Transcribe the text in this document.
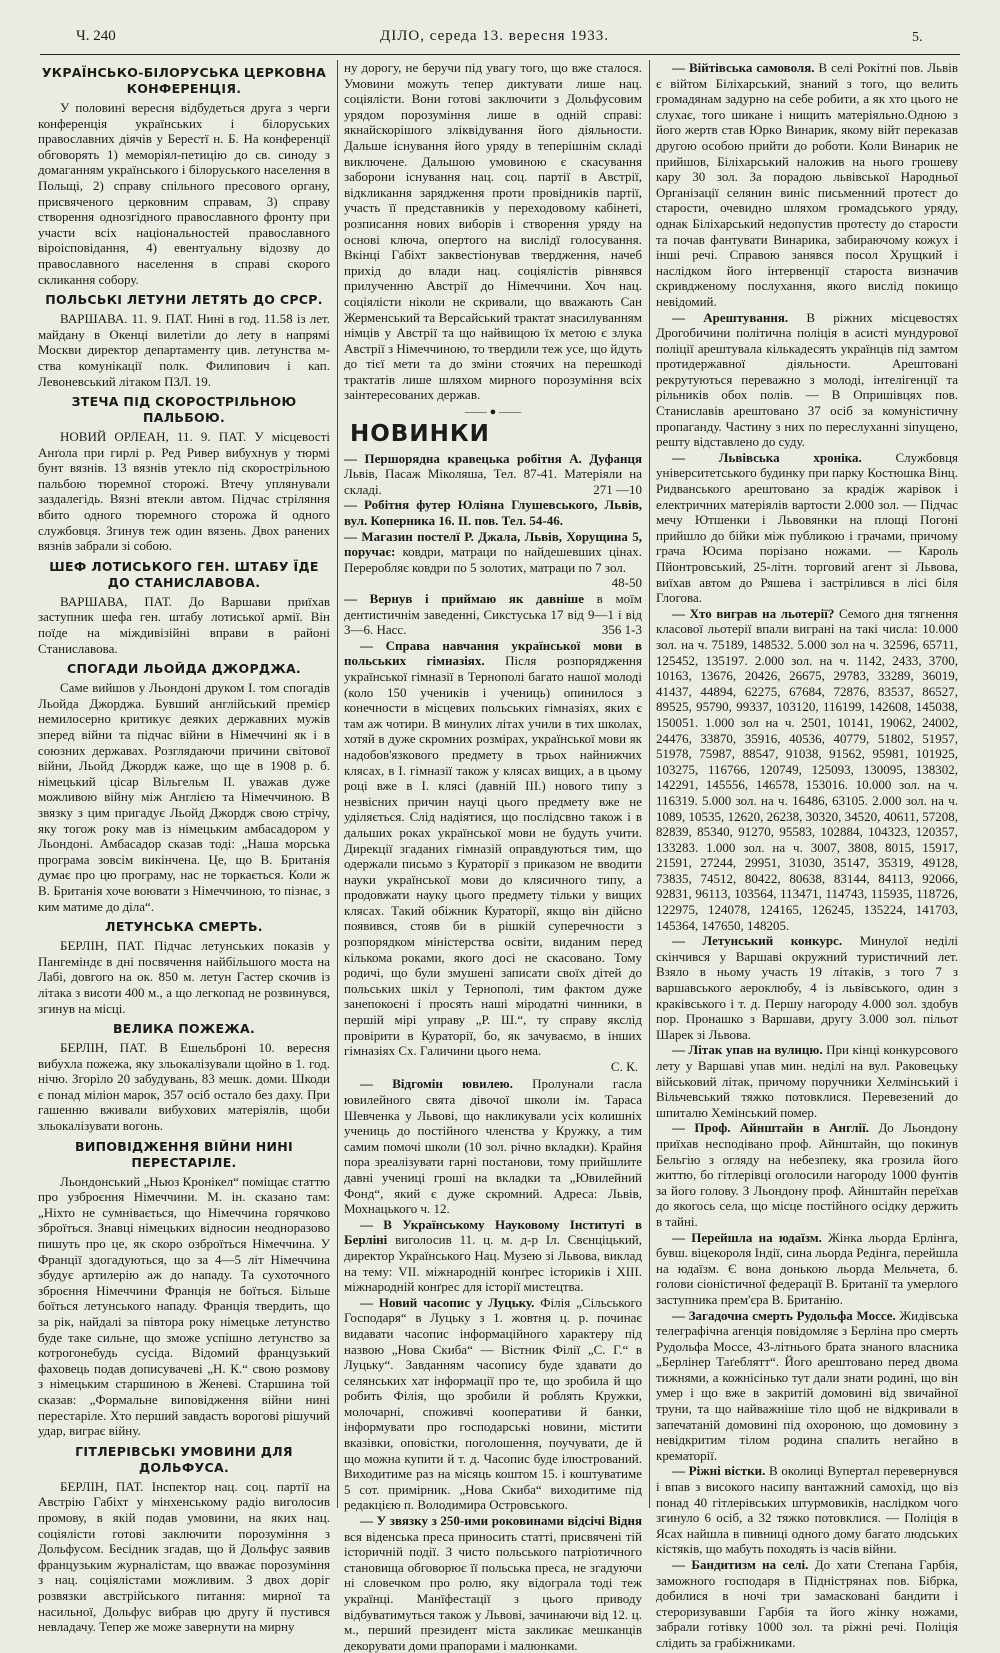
Ч. 240	ДІЛО, середа 13. вересня 1933.	5.
УКРАЇНСЬКО-БІЛОРУСЬКА ЦЕРКОВНА КОНФЕРЕНЦІЯ.

У половині вересня відбудеться друга з черги конференція українських і білоруських православних діячів у Берестї н. Б. На конференції обговорять 1) меморіял-петицію до св. синоду з домаганням українського і білоруського населення в Польщі, 2) справу спільного пресового органу, присвяченого церковним справам, 3) справу створення однозгідного православного фронту при участи всіх національностей православного віроісповідання, 4) евентуальну відозву до православного населення в справі скорого скликання собору.

ПОЛЬСЬКІ ЛЕТУНИ ЛЕТЯТЬ ДО СРСР.

ВАРШАВА. 11. 9. ПАТ. Нині в год. 11.58 із лет. майдану в Окенці вилетіли до лету в напрямі Москви директор департаменту цив. летунства м-ства комунікації полк. Филипович і кап. Левоневський літаком ПЗЛ. 19.

ЗТЕЧА ПІД СКОРОСТРІЛЬНОЮ ПАЛЬБОЮ.

НОВИЙ ОРЛЕАН, 11. 9. ПАТ. У місцевості Анґола при гирлі р. Ред Ривер вибухнув у тюрмі бунт вязнів. 13 вязнів утекло під скорострільною пальбою тюремної сторожі. Втечу уплянували заздалегідь. Вязні втекли автом. Підчас стріляння вбито одного тюремного сторожа й одного службовця. Згинув теж один вязень. Двох ранених вязнів забрали зі собою.

ШЕФ ЛОТИСЬКОГО ГЕН. ШТАБУ ЇДЕ ДО СТАНИСЛАВОВА.

ВАРШАВА, ПАТ. До Варшави приїхав заступник шефа ген. штабу лотиської армії. Він поїде на міждивізійні вправи в районі Станиславова.

СПОГАДИ ЛЬОЙДА ДЖОРДЖА.

Саме вийшов у Льондоні друком I. том спогадів Льойда Джорджа. Бувший англійський премієр немилосерно критикує деяких державних мужів зперед війни та підчас війни в Німеччині як і в союзних державах. Розглядаючи причини світової війни, Льойд Джордж каже, що ще в 1908 р. б. німецький цісар Вільгельм II. уважав дуже можливою війну між Англією та Німеччиною. В звязку з цим пригадує Льойд Джордж свою стрічу, яку тогож року мав із німецьким амбасадором у Льондоні. Амбасадор сказав тоді: „Наша морська програма зовсім викінчена. Це, що В. Британія думає про цю програму, нас не торкається. Коли ж В. Британія хоче воювати з Німеччиною, то пізнає, з ким матиме до діла“.

ЛЕТУНСЬКА СМЕРТЬ.

БЕРЛІН, ПАТ. Підчас летунських показів у Пангеміндє в дні посвячення найбільшого моста на Лабі, довгого на ок. 850 м. летун Гастер скочив із літака з висоти 400 м., а що легкопад не розвинувся, згинув на місці.

ВЕЛИКА ПОЖЕЖА.

БЕРЛІН, ПАТ. В Ешельброні 10. вересня вибухла пожежа, яку зльокалізували щойно в 1. год. нічю. Згоріло 20 забудувань, 83 мешк. доми. Шкоди є понад міліон марок, 357 осіб остало без даху. При гашенню вживали вибухових матеріялів, щоби зльокалізувати вогонь.

ВИПОВІДЖЕННЯ ВІЙНИ НИНІ ПЕРЕСТАРІЛЕ.

Льондонський „Ньюз Кронікел“ поміщає статтю про узброєння Німеччини. М. ін. сказано там: „Ніхто не сумнівається, що Німеччина горячково зброїться. Знавці німецьких відносин неодноразово пишуть про це, як скоро озброїться Німеччина. У Франції здогадуються, що за 4—5 літ Німеччина збудує артилерію аж до нападу. Та сухоточного зброєння Німеччини Франція не боїться. Більше боїться летунського нападу. Франція твердить, що за рік, найдалі за півтора року німецьке летунство буде таке сильне, що зможе успішно летунство за котрогонебудь сусіда. Відомий французький фаховець подав дописувачеві „Н. К.“ свою розмову з німецьким старшиною в Женеві. Старшина той сказав: „Формальне виповідження війни нині перестаріле. Хто перший завдасть ворогові рішучий удар, виграє війну.

ГІТЛЕРІВСЬКІ УМОВИНИ ДЛЯ ДОЛЬФУСА.

БЕРЛІН, ПАТ. Інспектор нац. соц. партії на Австрію Габіхт у мінхенському радіо виголосив промову, в якій подав умовини, на яких нац. соціялісти готові заключити порозуміння з Дольфусом. Бесідник згадав, що й Дольфус заявив французьким журналістам, що вважає порозуміння з нац. соціялістами можливим. З двох доріг розвязки австрійського питання: мирної та насильної, Дольфус вибрав цю другу й пустився невладачу. Тепер же може завернути на мирну

ну дорогу, не беручи під увагу того, що вже сталося. Умовини можуть тепер диктувати лише нац. соціялісти. Вони готові заключити з Дольфусовим урядом порозуміння лише в одній справі: якнайскорішого зліквідування його діяльности. Дальше існування його уряду в теперішнім складі виключене. Дальшою умовиною є скасування заборони існування нац. соц. партії в Австрії, відкликання зарядження проти провідників партії, участь її представників у переходовому кабінеті, розписання нових виборів і створення уряду на основі ключа, опертого на вислідї голосування. Вкінці Габіхт заквестіонував твердження, начеб прихід до влади нац. соціялістів рівнявся прилученню Австрії до Німеччини. Хоч нац. соціялісти ніколи не скривали, що вважають Сан Жерменський та Версайський трактат знасилуванням німців у Австрії та що найвищою їх метою є злука Австрії з Німеччиною, то твердили теж усе, що йдуть до тієї мети та до зміни стоячих на перешкоді трактатів лише шляхом мирного порозуміння всіх заінтересованих держав.

—— ● ——
НОВИНКИ

— Першорядна кравецька робітня А. Дуфанця Львів, Пасаж Міколяша, Тел. 87-41. Матеріяли на складі.	271 —10

— Робітня футер Юліяна Глушевського, Львів, вул. Коперника 16. II. пов. Тел. 54-46.

— Магазин постелї Р. Джала, Львів, Хорущина 5, поручає: ковдри, матраци по найдешевших цінах. Переробляє ковдри по 5 золотих, матраци по 7 зол.
48-50

— Вернув і приймаю як давніше в моїм дентистичнім заведенні, Сикстуська 17 від 9—1 і від 3—6. Насс.	356 1-3

— Справа навчання української мови в польських гімназіях. Після розпорядження української гімназії в Тернополі багато нашої молоді (коло 150 учеників і учениць) опинилося з конечности в місцевих польських гімназіях, яких є там аж чотири. В минулих літах учили в тих школах, хотяй в дуже скромних розмірах, української мови як надобов'язкового предмету в трьох найнижчих клясах, в I. гімназії також у клясах вищих, а в цьому році вже в I. клясі (давній III.) нового типу з незвісних причин науці цього предмету вже не уділяється. Слід надіятися, що послідсвно також і в дальших роках української мови не будуть учити. Дирекції згаданих гімназій оправдуються тим, що одержали письмо з Кураторії з приказом не вводити науки української мови до клясичного типу, а продовжати науку цього предмету тільки у вищих клясах. Такий обіжник Кураторії, якщо він дійсно появився, стояв би в рішкій суперечности з розпорядком міністерства освіти, виданим перед кількома роками, якого досі не скасовано. Тому родичі, що були змушені записати своїх дітей до польських шкіл у Тернополі, тим фактом дуже занепокоєні і просять наші міродатні чинники, в першій мірі управу „Р. Ш.“, ту справу якслід провірити в Кураторії, бо, як зачуваємо, в інших гімназіях Сх. Галичини цього нема.

С. К.

— Відгомін ювилею. Пролунали гасла ювилейного свята дівочої школи ім. Тараса Шевченка у Львові, що накликували усіх колишніх учениць до постійного членства у Кружку, а тим самим помочі школи (10 зол. річно вкладки). Крайня пора зреалізувати гарні постанови, тому прийшлите давні учениці гроші на вкладки та „Ювилейний Фонд“, який є дуже скромний. Адреса: Львів, Мохнацького ч. 12.

— В Українському Науковому Інституті в Берліні виголосив 11. ц. м. д-р Іл. Свєнціцький, директор Українського Нац. Музею зі Львова, виклад на тему: VII. міжнародній конґрес істориків і XIII. міжнародній конґрес для історії мистецтва.

— Новий часопис у Луцьку. Філія „Сільського Господаря“ в Луцьку з 1. жовтня ц. р. починає видавати часопис інформаційного характеру під назвою „Нова Скиба“ — Вістник Філії „С. Г.“ в Луцьку“. Завданням часопису буде здавати до селянських хат інформації про те, що зробила й що робить Філія, що зробили й роблять Кружки, молочарні, споживчі кооперативи й банки, інформувати про господарські новини, містити вказівки, оповістки, поголошення, поучувати, де й що можна купити й т. д. Часопис буде ілюстрований. Виходитиме раз на місяць коштом 15. і коштуватиме 5 сот. примірник. „Нова Скиба“ виходитиме під редакцією п. Володимира Островського.

— У звязку з 250-ими роковинами відсічі Відня вся віденська преса приносить статті, присвячені тій історичній події. З чисто польського патріотичного становища обговорює її польська преса, не згадуючи ні словечком про ролю, яку відограла тоді теж українці. Манїфестації з цього приводу відбуватимуться також у Львові, зачинаючи від 12. ц. м., перший президент міста закликає мешканців декорувати доми прапорами і малюнками.

— Війтівська самоволя. В селі Рокітні пов. Львів є війтом Біліхарський, знаний з того, що велить громадянам задурно на себе робити, а як хто цього не слухає, того шикане і нищить матеріяльно.Одною з його жертв став Юркo Винарик, якому війт переказав другою особою прийти до роботи. Коли Винарик не прийшов, Біліхарський наложив на нього грошеву кару 30 зол. За порадою львівської Народньої Організації селянин виніс письменний протест до старости, очевидно шляхом громадського уряду, однак Біліхарський недопустив протесту до старости та почав фантувати Винарика, забираючому кожух і інші речі. Справою занявся посол Хрущкий і наслідком його інтервенції староста визначив скривдженому послухання, якого вислід покищо невідомий.

— Арештування. В ріжних місцевостях Дрогобичини політична поліція в асисті мундурової поліції арештувала кількадесять українців під замтом протидержавної діяльности. Арештовані рекрутуються переважно з молоді, інтелігенції та рільників обох полів. — В Опришівцях пов. Станиславів арештовано 37 осіб за комуністичну пропаганду. Частину з них по переслуханні зіпущено, решту відставлено до суду.

— Львівська хроніка.	Службовця університетського будинку при парку Костюшка Вінц. Ридванського арештовано за крадіж жарівок і електричних матеріялів вартости 2.000 зол. — Підчас мечу Ютшенки і Львовянки на площі Погоні прийшло до бійки між публикою і грачами, причому грача Юсима порізано ножами. — Кароль Пйонтровський, 25-літн. торговий агент зі Львова, виїхав автом до Ряшева і застрілився в лісі біля Глогова.

— Хто виграв на льотерії? Семого дня тягнення класової льотерії впали виграні на такі числа: 10.000 зол. на ч. 75189, 148532. 5.000 зол на ч. 32596, 65711, 125452, 135197. 2.000 зол. на ч. 1142, 2433, 3700, 10163, 13676, 20426, 26675, 29783, 33289, 36019, 41437, 44894, 62275, 67684, 72876, 83537, 86527, 89525, 95790, 99337, 103120, 116199, 142608, 145038, 150051. 1.000 зол на ч. 2501, 10141, 19062, 24002, 24476, 33870, 35916, 40536, 40779, 51802, 51957, 51978, 75987, 88547, 91038, 91562, 95981, 101925, 103275, 116766, 120749, 125093, 130095, 138302, 142291, 145556, 146578, 153016. 10.000 зол. на ч. 116319. 5.000 зол. на ч. 16486, 63105. 2.000 зол. на ч. 1089, 10535, 12620, 26238, 30320, 34520, 40611, 57208, 82839, 85340, 91270, 95583, 102884, 104323, 120357, 133283. 1.000 зол. на ч. 3007, 3808, 8015, 15917, 21591, 27244, 29951, 31030, 35147, 35319, 49128, 73835, 74512, 80422, 80638, 83144, 84113, 92066, 92831, 96113, 103564, 113471, 114743, 115935, 118726, 122975, 124078, 124165, 126245, 135224, 141703, 145364, 147650, 148205.

— Летунський конкурс. Минулої неділі скінчився у Варшаві окружний туристичний лет. Взяло в ньому участь 19 літаків, з того 7 з варшавського аероклюбу, 4 із львівського, один з краківського і т. д. Першу нагороду 4.000 зол. здобув пор. Пронашко з Варшави, другу 3.000 зол. пільот Шарек зі Львова.

— Літак упав на вулицю. При кінці конкурсового лету у Варшаві упав мин. неділі на вул. Раковецьку військовий літак, причому поручники Хелмінський і Вільчевський тяжко потовклися. Перевезений до шпиталю Хемінський помер.

— Проф. Айнштайн в Англії. До Льондону приїхав несподівано проф. Айнштайн, що покинув Бельгію з огляду на небезпеку, яка грозила його життю, бо гітлерівці оголосили нагороду 1000 фунтів за його голову. З Льондону проф. Айнштайн переїхав до якогось села, що місце постійного осідку держить в тайні.

— Перейшла на юдаїзм. Жінка льорда Ерлінга, бувш. віцекороля Індії, сина льорда Редінга, перейшла на юдаїзм. Є вона донькою льорда Мельчета, б. голови сіоністичної федерації В. Британії та умерлого заступника прем'єра В. Британію.

— Загадочна смерть Рудольфа Моссе. Жидівська телеграфічна агенція повідомляє з Берліна про смерть Рудольфа Моссе, 43-літнього брата знаного власника „Берлінер Таґеблятт“. Його арештовано перед двома тижнями, а кожнісінько тут дали знати родині, що він умер і що вже в закритій домовині від звичайної труни, та що найважніше тіло щоб не відкривали в запечатаній домовині під охороною, що домовину з невідкритим тілом родина спалить негайно в крематорії.

— Ріжні вістки. В околиці Вупертал перевернувся і впав з високого насипу вантажний самохід, що віз понад 40 гітлерівських штурмовиків, наслідком чого згинуло 6 осіб, а 32 тяжко потовклися. — Поліція в Ясах найшла в пивниці одного дому багато людських кістяків, що мабуть походять із часів війни.

— Бандитизм на селі. До хати Степана Гарбія, заможного господаря в Підністрянах пов. Бібрка, добилися в ночі три замасковані бандити і стероризувавши Гарбія та його жінку ножами, забрали готівку 1000 зол. та ріжні речі. Поліція слідить за грабіжниками.
